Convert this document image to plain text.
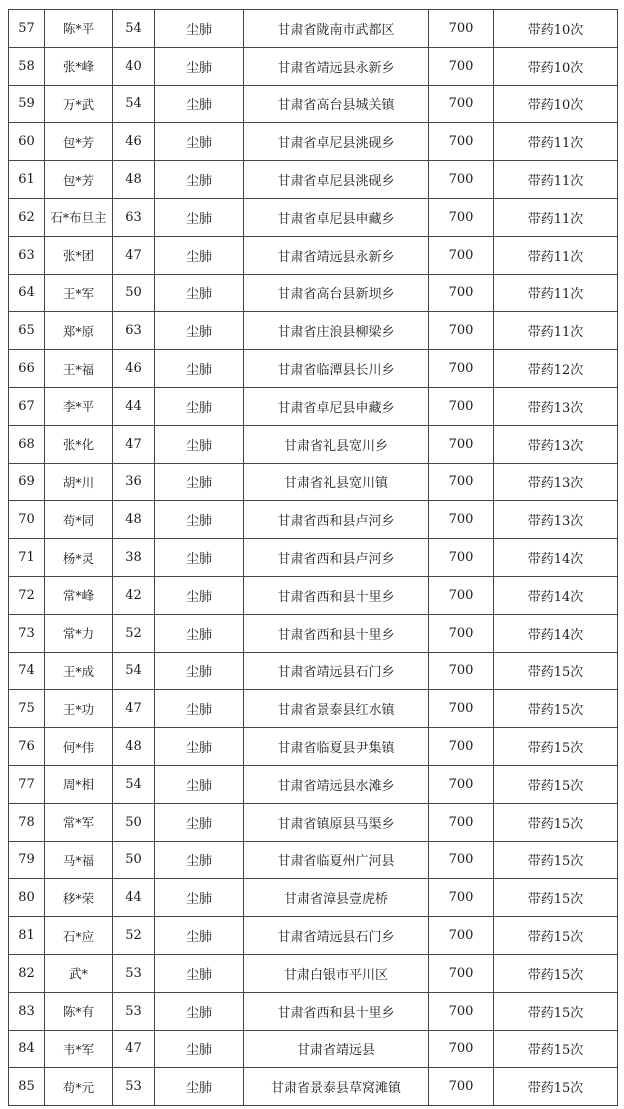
57	陈*平	54	尘肺	甘肃省陇南市武都区	700	带药10次
58	张*峰	40	尘肺	甘肃省靖远县永新乡	700	带药10次
59	万*武	54	尘肺	甘肃省高台县城关镇	700	带药10次
60	包*芳	46	尘肺	甘肃省卓尼县洮砚乡	700	带药11次
61	包*芳	48	尘肺	甘肃省卓尼县洮砚乡	700	带药11次
62	石*布旦主	63	尘肺	甘肃省卓尼县申藏乡	700	带药11次
63	张*团	47	尘肺	甘肃省靖远县永新乡	700	带药11次
64	王*军	50	尘肺	甘肃省高台县新坝乡	700	带药11次
65	郑*原	63	尘肺	甘肃省庄浪县柳梁乡	700	带药11次
66	王*福	46	尘肺	甘肃省临潭县长川乡	700	带药12次
67	李*平	44	尘肺	甘肃省卓尼县申藏乡	700	带药13次
68	张*化	47	尘肺	甘肃省礼县宽川乡	700	带药13次
69	胡*川	36	尘肺	甘肃省礼县宽川镇	700	带药13次
70	苟*同	48	尘肺	甘肃省西和县卢河乡	700	带药13次
71	杨*灵	38	尘肺	甘肃省西和县卢河乡	700	带药14次
72	常*峰	42	尘肺	甘肃省西和县十里乡	700	带药14次
73	常*力	52	尘肺	甘肃省西和县十里乡	700	带药14次
74	王*成	54	尘肺	甘肃省靖远县石门乡	700	带药15次
75	王*功	47	尘肺	甘肃省景泰县红水镇	700	带药15次
76	何*伟	48	尘肺	甘肃省临夏县尹集镇	700	带药15次
77	周*相	54	尘肺	甘肃省靖远县水滩乡	700	带药15次
78	常*军	50	尘肺	甘肃省镇原县马渠乡	700	带药15次
79	马*福	50	尘肺	甘肃省临夏州广河县	700	带药15次
80	移*荣	44	尘肺	甘肃省漳县壹虎桥	700	带药15次
81	石*应	52	尘肺	甘肃省靖远县石门乡	700	带药15次
82	武*	53	尘肺	甘肃白银市平川区	700	带药15次
83	陈*有	53	尘肺	甘肃省西和县十里乡	700	带药15次
84	韦*军	47	尘肺	甘肃省靖远县	700	带药15次
85	苟*元	53	尘肺	甘肃省景泰县草窝滩镇	700	带药15次
